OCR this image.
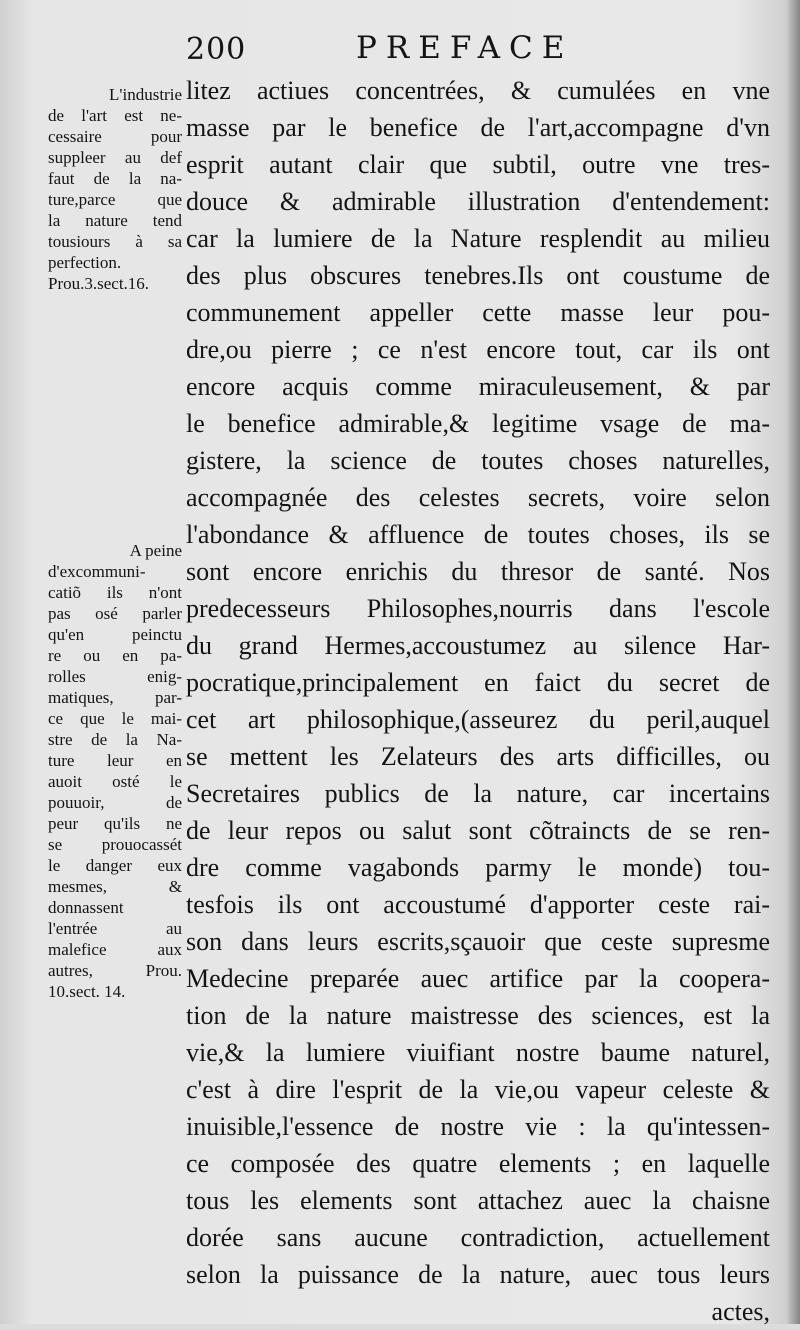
200	PREFACE
L'industrie
de l'art est ne-
cessaire pour
suppleer au def
faut de la na-
ture,parce que
la nature tend
tousiours à sa
perfection.
Prou.3.sect.16.
A peine
d'excommuni-
catiõ ils n'ont
pas osé parler
qu'en peinctu
re ou en pa-
rolles enig-
matiques, par-
ce que le mai-
stre de la Na-
ture leur en
auoit osté le
pouuoir, de
peur qu'ils ne
se prouocassét
le danger eux
mesmes, &
donnassent
l'entrée au
malefice aux
autres, Prou.
10.sect. 14.
litez actiues concentrées, & cumulées en vne
masse par le benefice de l'art,accompagne d'vn
esprit autant clair que subtil, outre vne tres-
douce & admirable illustration d'entendement:
car la lumiere de la Nature resplendit au milieu
des plus obscures tenebres.Ils ont coustume de
communement appeller cette masse leur pou-
dre,ou pierre ; ce n'est encore tout, car ils ont
encore acquis comme miraculeusement, & par
le benefice admirable,& legitime vsage de ma-
gistere, la science de toutes choses naturelles,
accompagnée des celestes secrets, voire selon
l'abondance & affluence de toutes choses, ils se
sont encore enrichis du thresor de santé. Nos
predecesseurs Philosophes,nourris dans l'escole
du grand Hermes,accoustumez au silence Har-
pocratique,principalement en faict du secret de
cet art philosophique,(asseurez du peril,auquel
se mettent les Zelateurs des arts difficilles, ou
Secretaires publics de la nature, car incertains
de leur repos ou salut sont cõtraincts de se ren-
dre comme vagabonds parmy le monde) tou-
tesfois ils ont accoustumé d'apporter ceste rai-
son dans leurs escrits,sçauoir que ceste supresme
Medecine preparée auec artifice par la coopera-
tion de la nature maistresse des sciences, est la
vie,& la lumiere viuifiant nostre baume naturel,
c'est à dire l'esprit de la vie,ou vapeur celeste &
inuisible,l'essence de nostre vie : la qu'intessen-
ce composée des quatre elements ; en laquelle
tous les elements sont attachez auec la chaisne
dorée sans aucune contradiction, actuellement
selon la puissance de la nature, auec tous leurs
actes,
